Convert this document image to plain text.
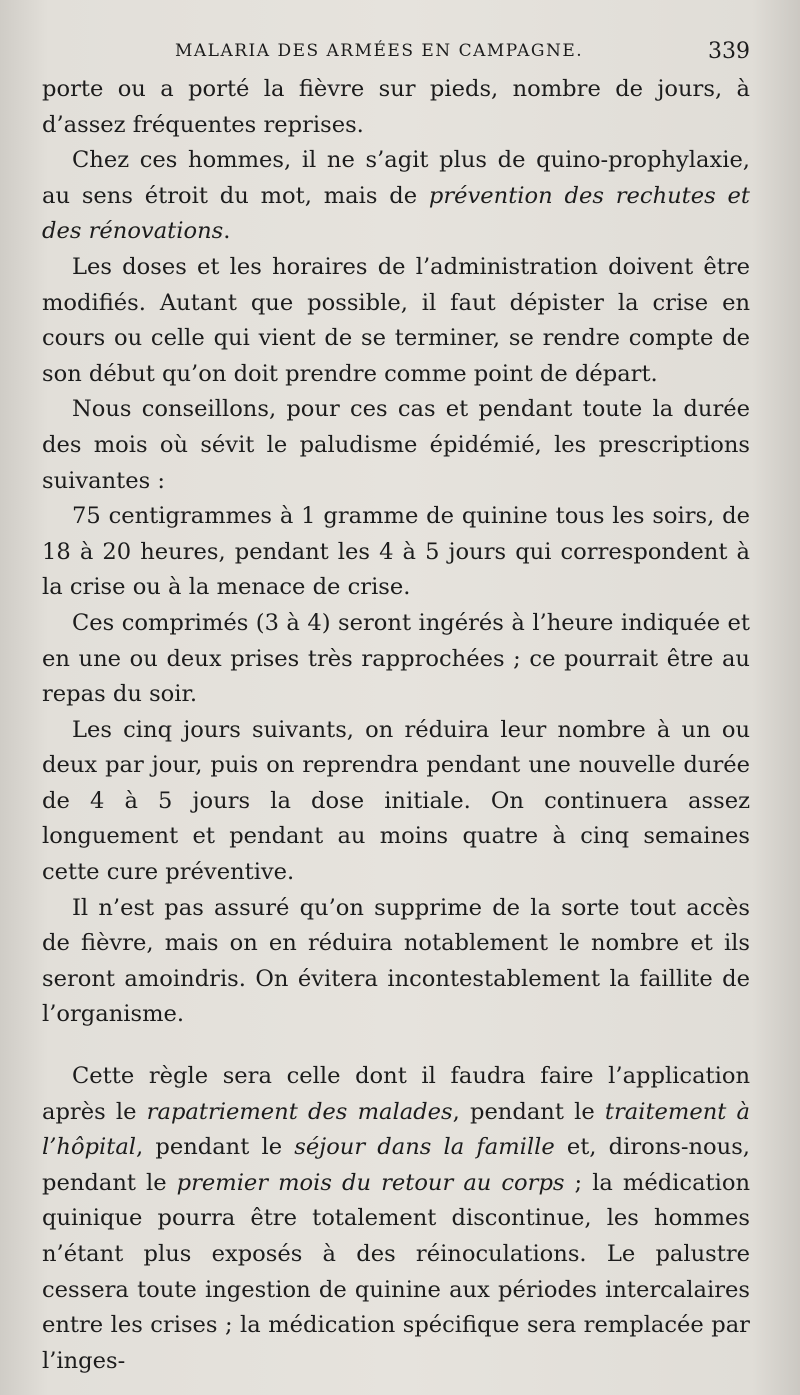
MALARIA DES ARMÉES EN CAMPAGNE.	339

porte ou a porté la fièvre sur pieds, nombre de jours, à d’assez fréquentes reprises.

Chez ces hommes, il ne s’agit plus de quino-prophylaxie, au sens étroit du mot, mais de prévention des rechutes et des rénovations.

Les doses et les horaires de l’administration doivent être modifiés. Autant que possible, il faut dépister la crise en cours ou celle qui vient de se terminer, se rendre compte de son début qu’on doit prendre comme point de départ.

Nous conseillons, pour ces cas et pendant toute la durée des mois où sévit le paludisme épidémié, les prescriptions suivantes :

75 centigrammes à 1 gramme de quinine tous les soirs, de 18 à 20 heures, pendant les 4 à 5 jours qui correspondent à la crise ou à la menace de crise.

Ces comprimés (3 à 4) seront ingérés à l’heure indiquée et en une ou deux prises très rapprochées ; ce pourrait être au repas du soir.

Les cinq jours suivants, on réduira leur nombre à un ou deux par jour, puis on reprendra pendant une nouvelle durée de 4 à 5 jours la dose initiale. On continuera assez longuement et pendant au moins quatre à cinq semaines cette cure préventive.

Il n’est pas assuré qu’on supprime de la sorte tout accès de fièvre, mais on en réduira notablement le nombre et ils seront amoindris. On évitera incontestablement la faillite de l’organisme.

Cette règle sera celle dont il faudra faire l’application après le rapatriement des malades, pendant le traitement à l’hôpital, pendant le séjour dans la famille et, dirons-nous, pendant le premier mois du retour au corps ; la médication quinique pourra être totalement discontinue, les hommes n’étant plus exposés à des réinoculations. Le palustre cessera toute ingestion de quinine aux périodes intercalaires entre les crises ; la médication spécifique sera remplacée par l’inges-
